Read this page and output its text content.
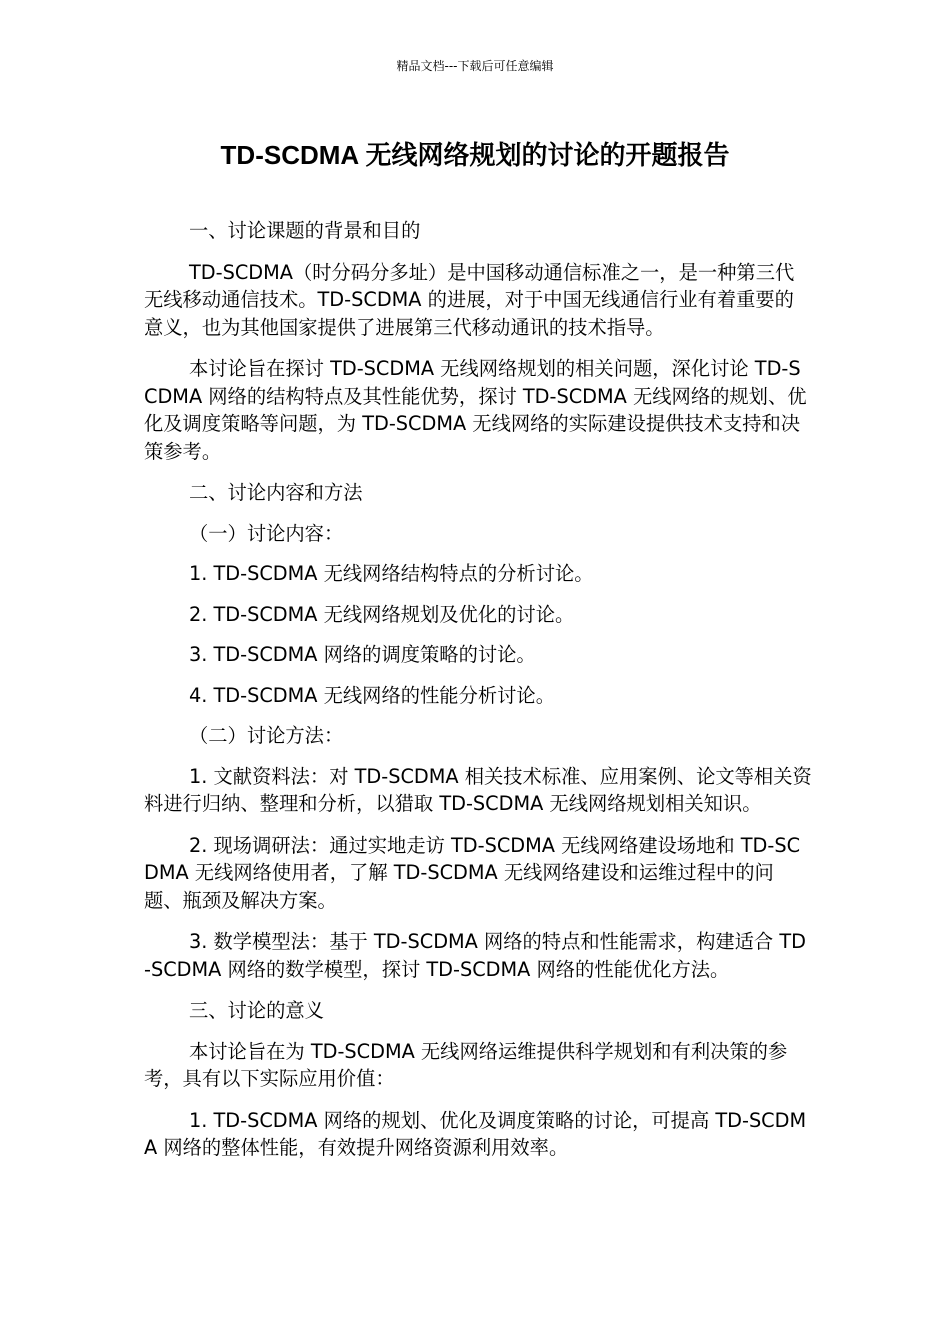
精品文档---下载后可任意编辑
TD-SCDMA 无线网络规划的讨论的开题报告

一、讨论课题的背景和目的

TD-SCDMA（时分码分多址）是中国移动通信标准之一，是一种第三代无线移动通信技术。TD-SCDMA 的进展，对于中国无线通信行业有着重要的意义，也为其他国家提供了进展第三代移动通讯的技术指导。

本讨论旨在探讨 TD-SCDMA 无线网络规划的相关问题，深化讨论 TD-SCDMA 网络的结构特点及其性能优势，探讨 TD-SCDMA 无线网络的规划、优化及调度策略等问题，为 TD-SCDMA 无线网络的实际建设提供技术支持和决策参考。

二、讨论内容和方法

（一）讨论内容：

1. TD-SCDMA 无线网络结构特点的分析讨论。

2. TD-SCDMA 无线网络规划及优化的讨论。

3. TD-SCDMA 网络的调度策略的讨论。

4. TD-SCDMA 无线网络的性能分析讨论。

（二）讨论方法：

1. 文献资料法：对 TD-SCDMA 相关技术标准、应用案例、论文等相关资料进行归纳、整理和分析，以猎取 TD-SCDMA 无线网络规划相关知识。

2. 现场调研法：通过实地走访 TD-SCDMA 无线网络建设场地和 TD-SCDMA 无线网络使用者，了解 TD-SCDMA 无线网络建设和运维过程中的问题、瓶颈及解决方案。

3. 数学模型法：基于 TD-SCDMA 网络的特点和性能需求，构建适合 TD-SCDMA 网络的数学模型，探讨 TD-SCDMA 网络的性能优化方法。

三、讨论的意义

本讨论旨在为 TD-SCDMA 无线网络运维提供科学规划和有利决策的参考，具有以下实际应用价值：

1. TD-SCDMA 网络的规划、优化及调度策略的讨论，可提高 TD-SCDMA 网络的整体性能，有效提升网络资源利用效率。
